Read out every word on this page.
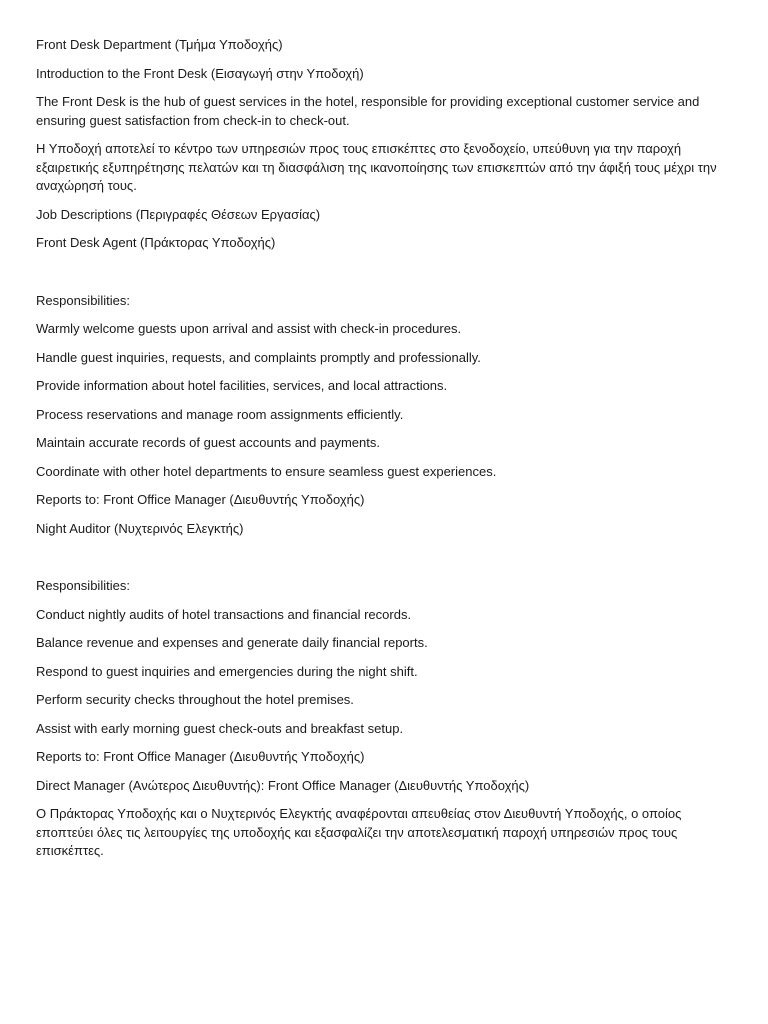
Front Desk Department (Τμήμα Υποδοχής)

Introduction to the Front Desk (Εισαγωγή στην Υποδοχή)

The Front Desk is the hub of guest services in the hotel, responsible for providing exceptional customer service and ensuring guest satisfaction from check-in to check-out.

Η Υποδοχή αποτελεί το κέντρο των υπηρεσιών προς τους επισκέπτες στο ξενοδοχείο, υπεύθυνη για την παροχή εξαιρετικής εξυπηρέτησης πελατών και τη διασφάλιση της ικανοποίησης των επισκεπτών από την άφιξή τους μέχρι την αναχώρησή τους.

Job Descriptions (Περιγραφές Θέσεων Εργασίας)

Front Desk Agent (Πράκτορας Υποδοχής)

Responsibilities:

Warmly welcome guests upon arrival and assist with check-in procedures.

Handle guest inquiries, requests, and complaints promptly and professionally.

Provide information about hotel facilities, services, and local attractions.

Process reservations and manage room assignments efficiently.

Maintain accurate records of guest accounts and payments.

Coordinate with other hotel departments to ensure seamless guest experiences.

Reports to: Front Office Manager (Διευθυντής Υποδοχής)

Night Auditor (Νυχτερινός Ελεγκτής)

Responsibilities:

Conduct nightly audits of hotel transactions and financial records.

Balance revenue and expenses and generate daily financial reports.

Respond to guest inquiries and emergencies during the night shift.

Perform security checks throughout the hotel premises.

Assist with early morning guest check-outs and breakfast setup.

Reports to: Front Office Manager (Διευθυντής Υποδοχής)

Direct Manager (Ανώτερος Διευθυντής): Front Office Manager (Διευθυντής Υποδοχής)

Ο Πράκτορας Υποδοχής και ο Νυχτερινός Ελεγκτής αναφέρονται απευθείας στον Διευθυντή Υποδοχής, ο οποίος εποπτεύει όλες τις λειτουργίες της υποδοχής και εξασφαλίζει την αποτελεσματική παροχή υπηρεσιών προς τους επισκέπτες.
